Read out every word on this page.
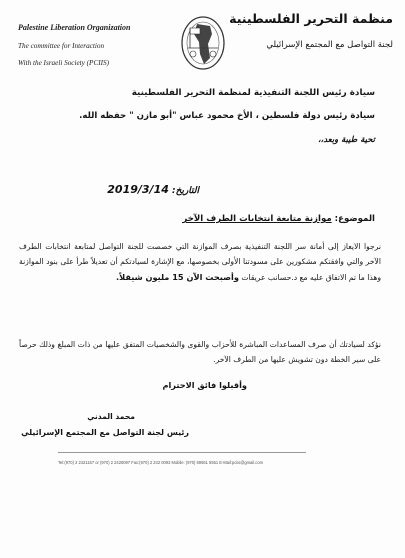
Palestine Liberation Organization
The committee for Interaction
With the Israeli Society (PCIIS)
منظمة التحرير الفلسطينية
لجنة التواصل مع المجتمع الإسرائيلي
سيادة رئيس اللجنة التنفيذية لمنظمة التحرير الفلسطينية
سيادة رئيس دولة فلسطين ، الأخ محمود عباس "أبو مازن " حفظه الله.
تحية طيبة وبعد،،
التاريخ: 2019/3/14
الموضوع: موازنة متابعة انتخابات الطرف الآخر
نرجوا الايعاز إلى أمانة سر اللجنة التنفيذية بصرف الموازنة التي خصصت للجنة التواصل لمتابعة انتخابات الطرف الآخر والتي وافقتكم مشكورين على مسودتنا الأولى بخصوصها، مع الإشارة لسيادتكم أن تعديلاً طرأ على بنود الموازنة وهذا ما تم الاتفاق عليه مع د.حسانب عريقات وأصبحت الآن 15 مليون شيقلاً.
نؤكد لسيادتك أن صرف المساعدات المباشرة للأحزاب والقوى والشخصيات المتفق عليها من ذات المبلغ وذلك حرصاً على سير الخطة دون تشويش عليها من الطرف الآخر.
وأقبلوا فائق الاحترام
محمد المدني
رئيس لجنة التواصل مع المجتمع الإسرائيلي
Tel:(970) 2 2421157 or (970) 2 2420097 Fax:(970) 2 242 0093 Mobile: (970) 59561 5551 E-Mail:pciis@gmail.com
